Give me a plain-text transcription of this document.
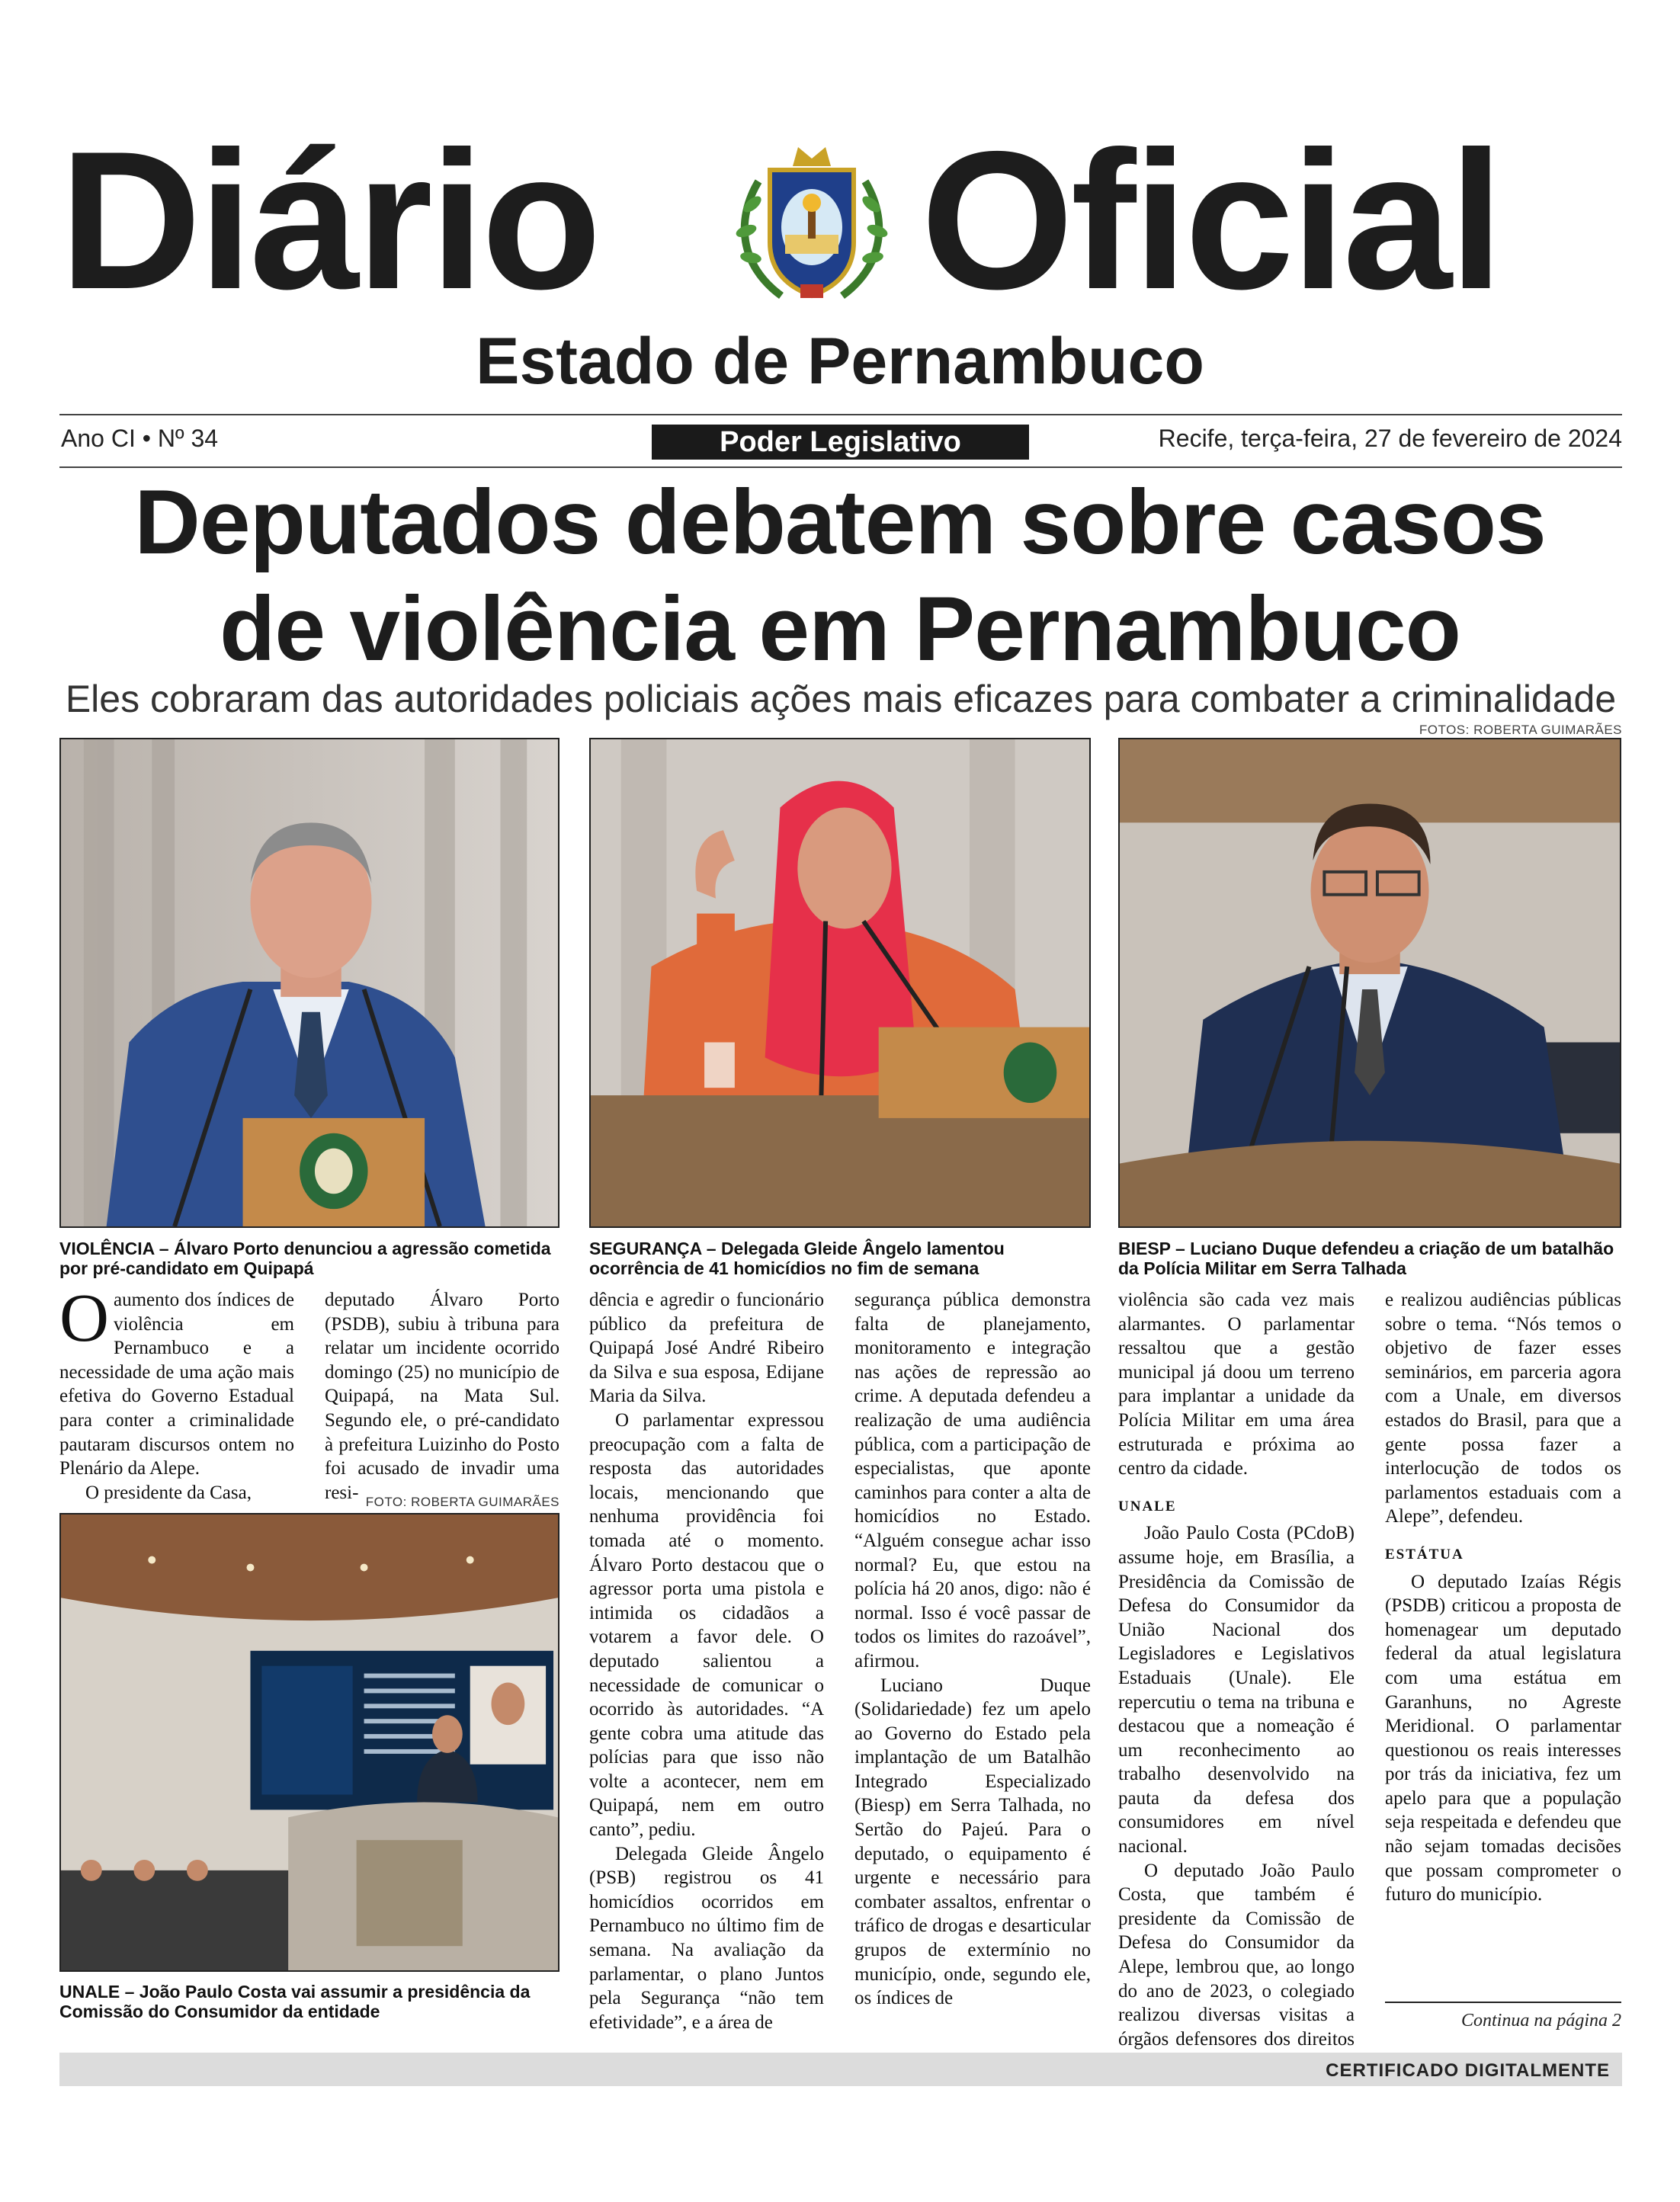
Diário Oficial
Estado de Pernambuco
Ano CI • Nº 34	Poder Legislativo	Recife, terça-feira, 27 de fevereiro de 2024
Deputados debatem sobre casos
de violência em Pernambuco
Eles cobraram das autoridades policiais ações mais eficazes para combater a criminalidade
FOTOS: ROBERTA GUIMARÃES
VIOLÊNCIA – Álvaro Porto denunciou a agressão cometida por pré-candidato em Quipapá
SEGURANÇA – Delegada Gleide Ângelo lamentou ocorrência de 41 homicídios no fim de semana
BIESP – Luciano Duque defendeu a criação de um batalhão da Polícia Militar em Serra Talhada

Oaumento dos índices de violência em Pernambuco e a necessidade de uma ação mais efetiva do Governo Estadual para conter a criminalidade pautaram discursos ontem no Plenário da Alepe.

O presidente da Casa,

deputado Álvaro Porto (PSDB), subiu à tribuna para relatar um incidente ocorrido domingo (25) no município de Quipapá, na Mata Sul. Segundo ele, o pré-candidato à prefeitura Luizinho do Posto foi acusado de invadir uma resi- FOTO: ROBERTA GUIMARÃES
UNALE – João Paulo Costa vai assumir a presidência da Comissão do Consumidor da entidade

dência e agredir o funcionário público da prefeitura de Quipapá José André Ribeiro da Silva e sua esposa, Edijane Maria da Silva.

O parlamentar expressou preocupação com a falta de resposta das autoridades locais, mencionando que nenhuma providência foi tomada até o momento. Álvaro Porto destacou que o agressor porta uma pistola e intimida os cidadãos a votarem a favor dele. O deputado salientou a necessidade de comunicar o ocorrido às autoridades. “A gente cobra uma atitude das polícias para que isso não volte a acontecer, nem em Quipapá, nem em outro canto”, pediu.

Delegada Gleide Ângelo (PSB) registrou os 41 homicídios ocorridos em Pernambuco no último fim de semana. Na avaliação da parlamentar, o plano Juntos pela Segurança “não tem efetividade”, e a área de

segurança pública demonstra falta de planejamento, monitoramento e integração nas ações de repressão ao crime. A deputada defendeu a realização de uma audiência pública, com a participação de especialistas, que aponte caminhos para conter a alta de homicídios no Estado. “Alguém consegue achar isso normal? Eu, que estou na polícia há 20 anos, digo: não é normal. Isso é você passar de todos os limites do razoável”, afirmou.

Luciano Duque (Solidariedade) fez um apelo ao Governo do Estado pela implantação de um Batalhão Integrado Especializado (Biesp) em Serra Talhada, no Sertão do Pajeú. Para o deputado, o equipamento é urgente e necessário para combater assaltos, enfrentar o tráfico de drogas e desarticular grupos de extermínio no município, onde, segundo ele, os índices de

violência são cada vez mais alarmantes. O parlamentar ressaltou que a gestão municipal já doou um terreno para implantar a unidade da Polícia Militar em uma área estruturada e próxima ao centro da cidade.

UNALE

João Paulo Costa (PCdoB) assume hoje, em Brasília, a Presidência da Comissão de Defesa do Consumidor da União Nacional dos Legisladores e Legislativos Estaduais (Unale). Ele repercutiu o tema na tribuna e destacou que a nomeação é um reconhecimento ao trabalho desenvolvido na pauta da defesa dos consumidores em nível nacional.

O deputado João Paulo Costa, que também é presidente da Comissão de Defesa do Consumidor da Alepe, lembrou que, ao longo do ano de 2023, o colegiado realizou diversas visitas a órgãos defensores dos direitos

e realizou audiências públicas sobre o tema. “Nós temos o objetivo de fazer esses seminários, em parceria agora com a Unale, em diversos estados do Brasil, para que a gente possa fazer a interlocução de todos os parlamentos estaduais com a Alepe”, defendeu.

ESTÁTUA

O deputado Izaías Régis (PSDB) criticou a proposta de homenagear um deputado federal da atual legislatura com uma estátua em Garanhuns, no Agreste Meridional. O parlamentar questionou os reais interesses por trás da iniciativa, fez um apelo para que a população seja respeitada e defendeu que não sejam tomadas decisões que possam comprometer o futuro do município.

Continua na página 2
CERTIFICADO DIGITALMENTE
